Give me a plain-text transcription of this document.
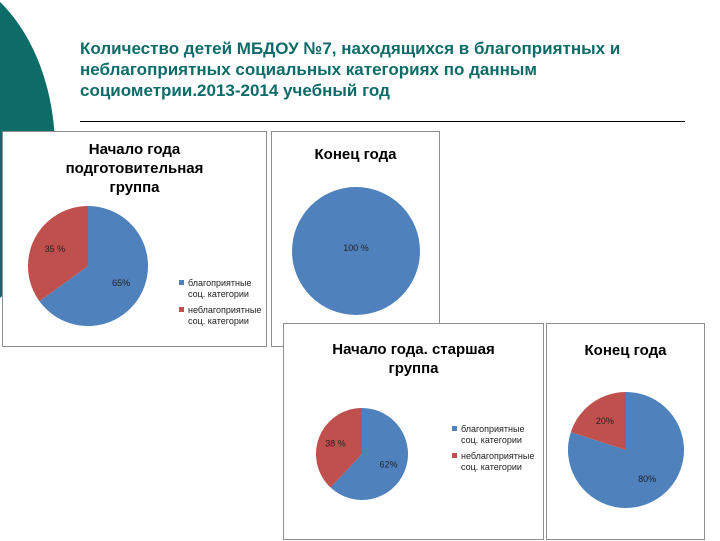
Количество детей МБДОУ №7, находящихся в благоприятных и неблагоприятных социальных категориях по данным социометрии.2013-2014 учебный год
Начало года подготовительная группа
65%
35 %
благоприятные соц. категории
неблагоприятные соц. категории
Конец года
100 %
Начало года. старшая группа
62%
38 %
благоприятные соц. категории
неблагоприятные соц. категории
Конец года
80%
20%
